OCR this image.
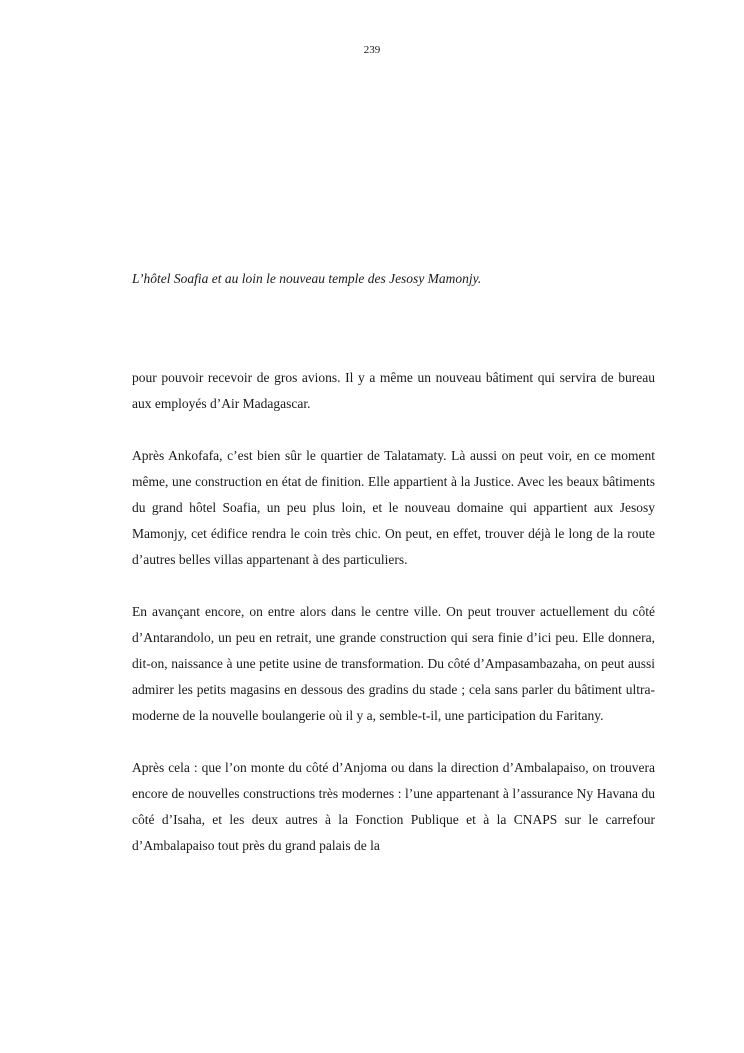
239
L’hôtel Soafia et au loin le nouveau temple des Jesosy Mamonjy.

pour pouvoir recevoir de gros avions. Il y a même un nouveau bâtiment qui servira de bureau aux employés d’Air Madagascar.

Après Ankofafa, c’est bien sûr le quartier de Talatamaty. Là aussi on peut voir, en ce moment même, une construction en état de finition. Elle appartient à la Justice. Avec les beaux bâtiments du grand hôtel Soafia, un peu plus loin, et le nouveau domaine qui appartient aux Jesosy Mamonjy, cet édifice rendra le coin très chic. On peut, en effet, trouver déjà le long de la route d’autres belles villas appartenant à des particuliers.

En avançant encore, on entre alors dans le centre ville. On peut trouver actuellement du côté d’Antarandolo, un peu en retrait, une grande construction qui sera finie d’ici peu. Elle donnera, dit-on, naissance à une petite usine de transformation. Du côté d’Ampasambazaha, on peut aussi admirer les petits magasins en dessous des gradins du stade ; cela sans parler du bâtiment ultra-moderne de la nouvelle boulangerie où il y a, semble-t-il, une participation du Faritany.

Après cela : que l’on monte du côté d’Anjoma ou dans la direction d’Ambalapaiso, on trouvera encore de nouvelles constructions très modernes : l’une appartenant à l’assurance Ny Havana du côté d’Isaha, et les deux autres à la Fonction Publique et à la CNAPS sur le carrefour d’Ambalapaiso tout près du grand palais de la
